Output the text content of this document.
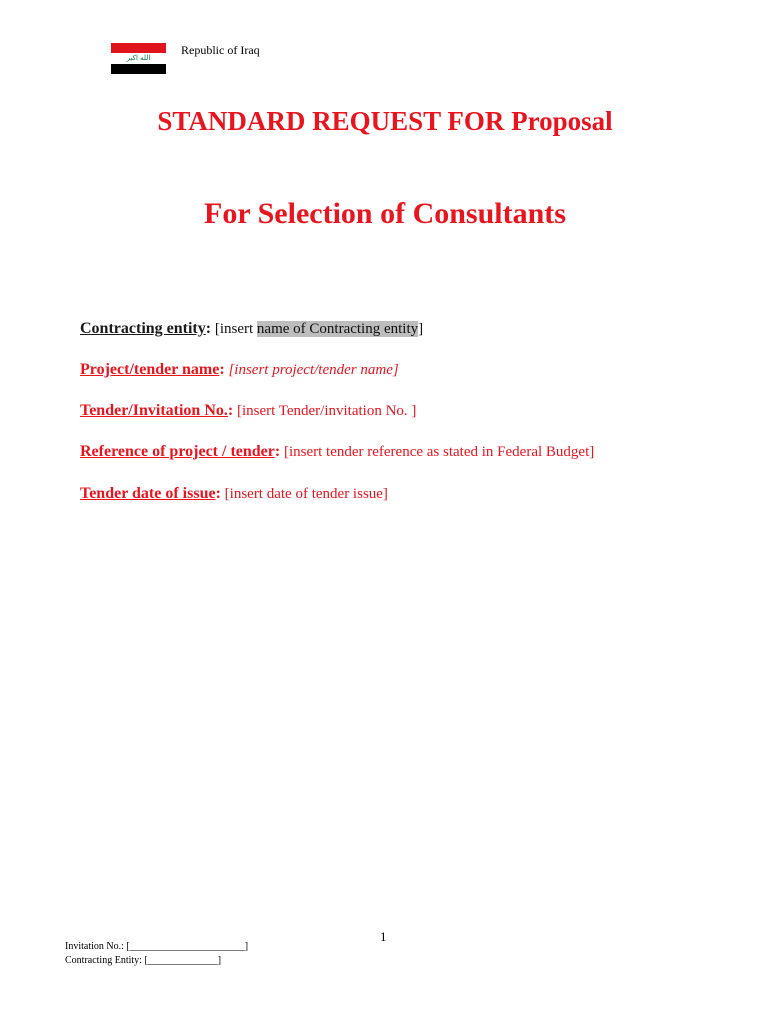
الله اكبر
Republic of Iraq
STANDARD REQUEST FOR Proposal
For Selection of Consultants
Contracting entity: [insert name of Contracting entity]
Project/tender name: [insert project/tender name]
Tender/Invitation No.: [insert Tender/invitation No. ]
Reference of project / tender: [insert tender reference as stated in Federal Budget]
Tender date of issue: [insert date of tender issue]
1
Invitation No.: [_______________________]
Contracting Entity: [______________]
